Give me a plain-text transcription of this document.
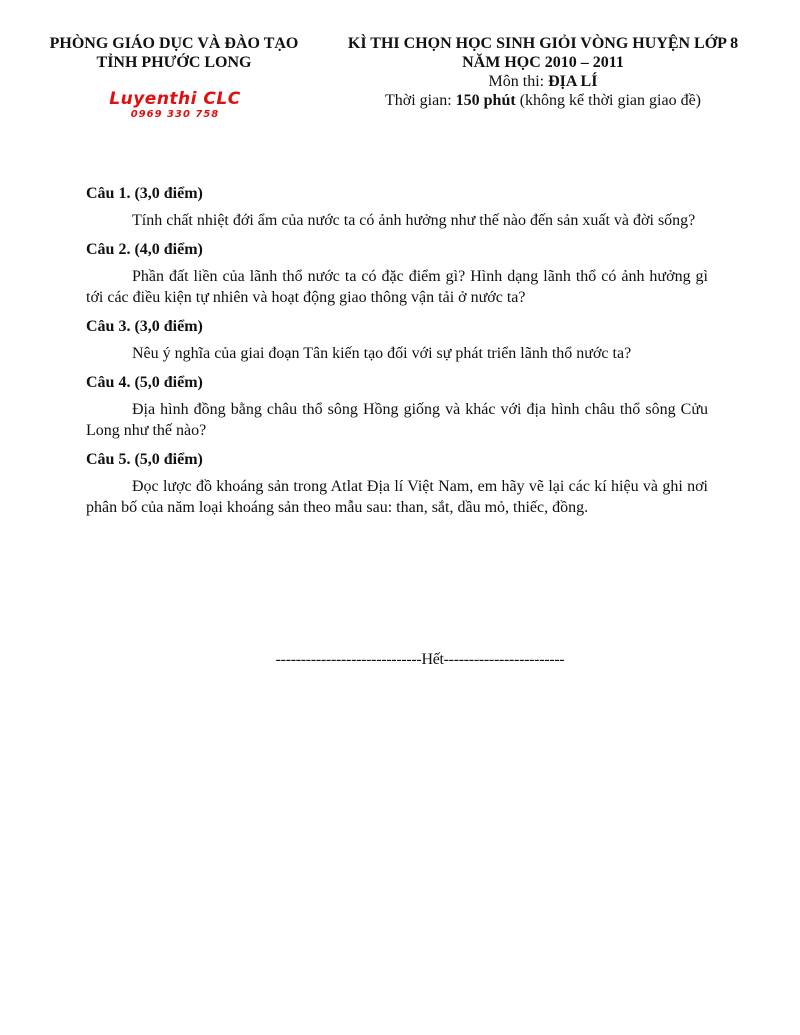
PHÒNG GIÁO DỤC VÀ ĐÀO TẠO
TỈNH PHƯỚC LONG
KÌ THI CHỌN HỌC SINH GIỎI VÒNG HUYỆN LỚP 8
NĂM HỌC 2010 – 2011
Môn thi: ĐỊA LÍ
Thời gian: 150 phút (không kể thời gian giao đề)
Luyenthi CLC
0969 330 758
Câu 1. (3,0 điểm)
Tính chất nhiệt đới ẩm của nước ta có ảnh hưởng như thế nào đến sản xuất và đời sống?
Câu 2. (4,0 điểm)
Phần đất liền của lãnh thổ nước ta có đặc điểm gì? Hình dạng lãnh thổ có ảnh hưởng gì tới các điều kiện tự nhiên và hoạt động giao thông vận tải ở nước ta?
Câu 3. (3,0 điểm)
Nêu ý nghĩa của giai đoạn Tân kiến tạo đối với sự phát triển lãnh thổ nước ta?
Câu 4. (5,0 điểm)
Địa hình đồng bằng châu thổ sông Hồng giống và khác với địa hình châu thổ sông Cửu Long như thế nào?
Câu 5. (5,0 điểm)
Đọc lược đồ khoáng sản trong Atlat Địa lí Việt Nam, em hãy vẽ lại các kí hiệu và ghi nơi phân bố của năm loại khoáng sản theo mẫu sau: than, sắt, dầu mỏ, thiếc, đồng.
-----------------------------Hết------------------------
